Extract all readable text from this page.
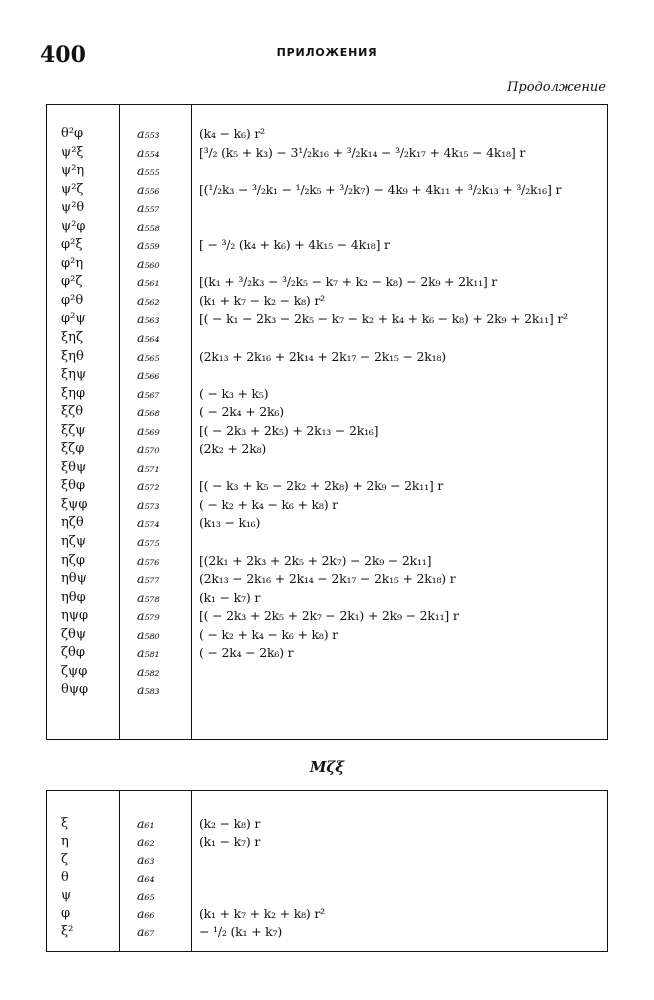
400	ПРИЛОЖЕНИЯ
Продолжение
θ²φ	a₅₅₃	(k₄ − k₆) r²
ψ²ξ	a₅₅₄	[³/₂ (k₅ + k₃) − 3¹/₂k₁₆ + ³/₂k₁₄ − ³/₂k₁₇ + 4k₁₅ − 4k₁₈] r
ψ²η	a₅₅₅
ψ²ζ	a₅₅₆	[(¹/₂k₃ − ³/₂k₁ − ¹/₂k₅ + ³/₂k₇) − 4k₉ + 4k₁₁ + ³/₂k₁₃ + ³/₂k₁₆] r
ψ²θ	a₅₅₇
ψ²φ	a₅₅₈
φ²ξ	a₅₅₉	[ − ³/₂ (k₄ + k₆) + 4k₁₅ − 4k₁₈] r
φ²η	a₅₆₀
φ²ζ	a₅₆₁	[(k₁ + ³/₂k₃ − ³/₂k₅ − k₇ + k₂ − k₈) − 2k₉ + 2k₁₁] r
φ²θ	a₅₆₂	(k₁ + k₇ − k₂ − k₈) r²
φ²ψ	a₅₆₃	[( − k₁ − 2k₃ − 2k₅ − k₇ − k₂ + k₄ + k₆ − k₈) + 2k₉ + 2k₁₁] r²
ξηζ	a₅₆₄
ξηθ	a₅₆₅	(2k₁₃ + 2k₁₆ + 2k₁₄ + 2k₁₇ − 2k₁₅ − 2k₁₈)
ξηψ	a₅₆₆
ξηφ	a₅₆₇	( − k₃ + k₅)
ξζθ	a₅₆₈	( − 2k₄ + 2k₆)
ξζψ	a₅₆₉	[( − 2k₃ + 2k₅) + 2k₁₃ − 2k₁₆]
ξζφ	a₅₇₀	(2k₂ + 2k₈)
ξθψ	a₅₇₁
ξθφ	a₅₇₂	[( − k₃ + k₅ − 2k₂ + 2k₈) + 2k₉ − 2k₁₁] r
ξψφ	a₅₇₃	( − k₂ + k₄ − k₆ + k₈) r
ηζθ	a₅₇₄	(k₁₃ − k₁₆)
ηζψ	a₅₇₅
ηζφ	a₅₇₆	[(2k₁ + 2k₃ + 2k₅ + 2k₇) − 2k₉ − 2k₁₁]
ηθψ	a₅₇₇	(2k₁₃ − 2k₁₆ + 2k₁₄ − 2k₁₇ − 2k₁₅ + 2k₁₈) r
ηθφ	a₅₇₈	(k₁ − k₇) r
ηψφ	a₅₇₉	[( − 2k₃ + 2k₅ + 2k₇ − 2k₁) + 2k₉ − 2k₁₁] r
ζθψ	a₅₈₀	( − k₂ + k₄ − k₆ + k₈) r
ζθφ	a₅₈₁	( − 2k₄ − 2k₆) r
ζψφ	a₅₈₂
θψφ	a₅₈₃
Mζξ
ξ	a₆₁	(k₂ − k₈) r
η	a₆₂	(k₁ − k₇) r
ζ	a₆₃
θ	a₆₄
ψ	a₆₅
φ	a₆₆	(k₁ + k₇ + k₂ + k₈) r²
ξ²	a₆₇	− ¹/₂ (k₁ + k₇)
